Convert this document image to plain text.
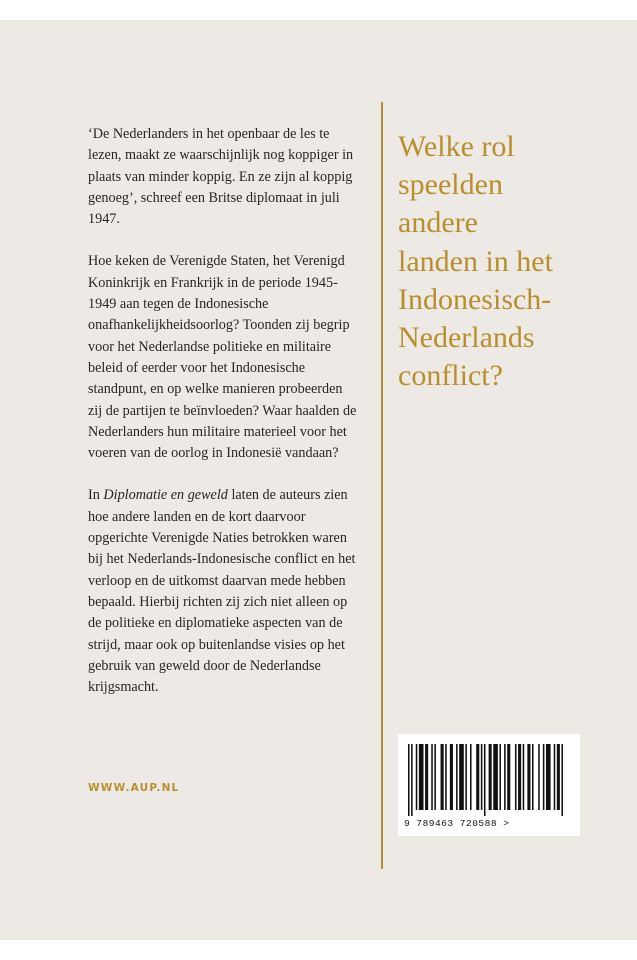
‘De Nederlanders in het openbaar de les te lezen, maakt ze waarschijnlijk nog koppiger in plaats van minder koppig. En ze zijn al koppig genoeg’, schreef een Britse diplomaat in juli 1947.

Hoe keken de Verenigde Staten, het Verenigd Koninkrijk en Frankrijk in de periode 1945-1949 aan tegen de Indonesische onafhankelijkheidsoorlog? Toonden zij begrip voor het Nederlandse politieke en militaire beleid of eerder voor het Indonesische standpunt, en op welke manieren probeerden zij de partijen te beïnvloeden? Waar haalden de Nederlanders hun militaire materieel voor het voeren van de oorlog in Indonesië vandaan?

In Diplomatie en geweld laten de auteurs zien hoe andere landen en de kort daarvoor opgerichte Verenigde Naties betrokken waren bij het Nederlands-Indonesische conflict en het verloop en de uitkomst daarvan mede hebben bepaald. Hierbij richten zij zich niet alleen op de politieke en diplomatieke aspecten van de strijd, maar ook op buitenlandse visies op het gebruik van geweld door de Nederlandse krijgsmacht.

WWW.AUP.NL
Welke rol
speelden
andere
landen in het
Indonesisch-
Nederlands
conflict?
9 789463 720588 >
